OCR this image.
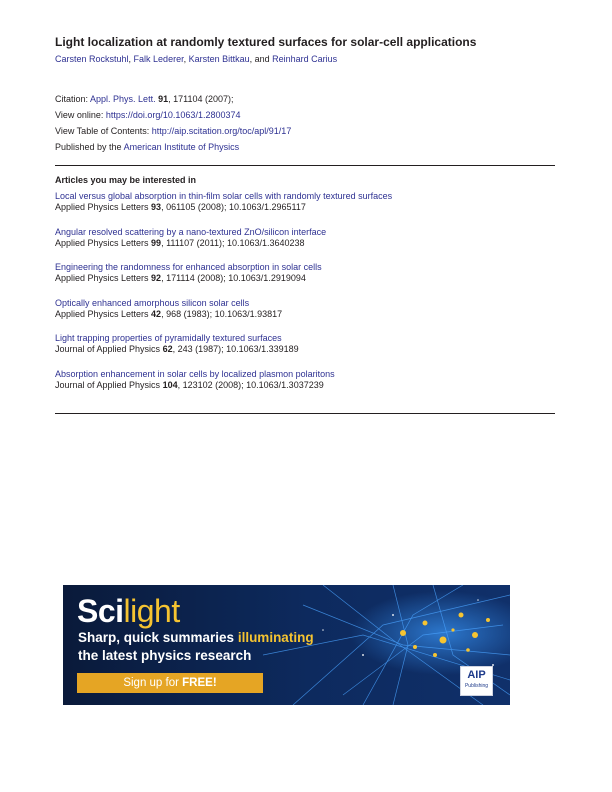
Light localization at randomly textured surfaces for solar-cell applications
Carsten Rockstuhl, Falk Lederer, Karsten Bittkau, and Reinhard Carius
Citation: Appl. Phys. Lett. 91, 171104 (2007);
View online: https://doi.org/10.1063/1.2800374
View Table of Contents: http://aip.scitation.org/toc/apl/91/17
Published by the American Institute of Physics
Articles you may be interested in
Local versus global absorption in thin-film solar cells with randomly textured surfaces
Applied Physics Letters 93, 061105 (2008); 10.1063/1.2965117
Angular resolved scattering by a nano-textured ZnO/silicon interface
Applied Physics Letters 99, 111107 (2011); 10.1063/1.3640238
Engineering the randomness for enhanced absorption in solar cells
Applied Physics Letters 92, 171114 (2008); 10.1063/1.2919094
Optically enhanced amorphous silicon solar cells
Applied Physics Letters 42, 968 (1983); 10.1063/1.93817
Light trapping properties of pyramidally textured surfaces
Journal of Applied Physics 62, 243 (1987); 10.1063/1.339189
Absorption enhancement in solar cells by localized plasmon polaritons
Journal of Applied Physics 104, 123102 (2008); 10.1063/1.3037239
Scilight
Sharp, quick summaries illuminating
the latest physics research
Sign up for FREE!
AIP
Publishing
